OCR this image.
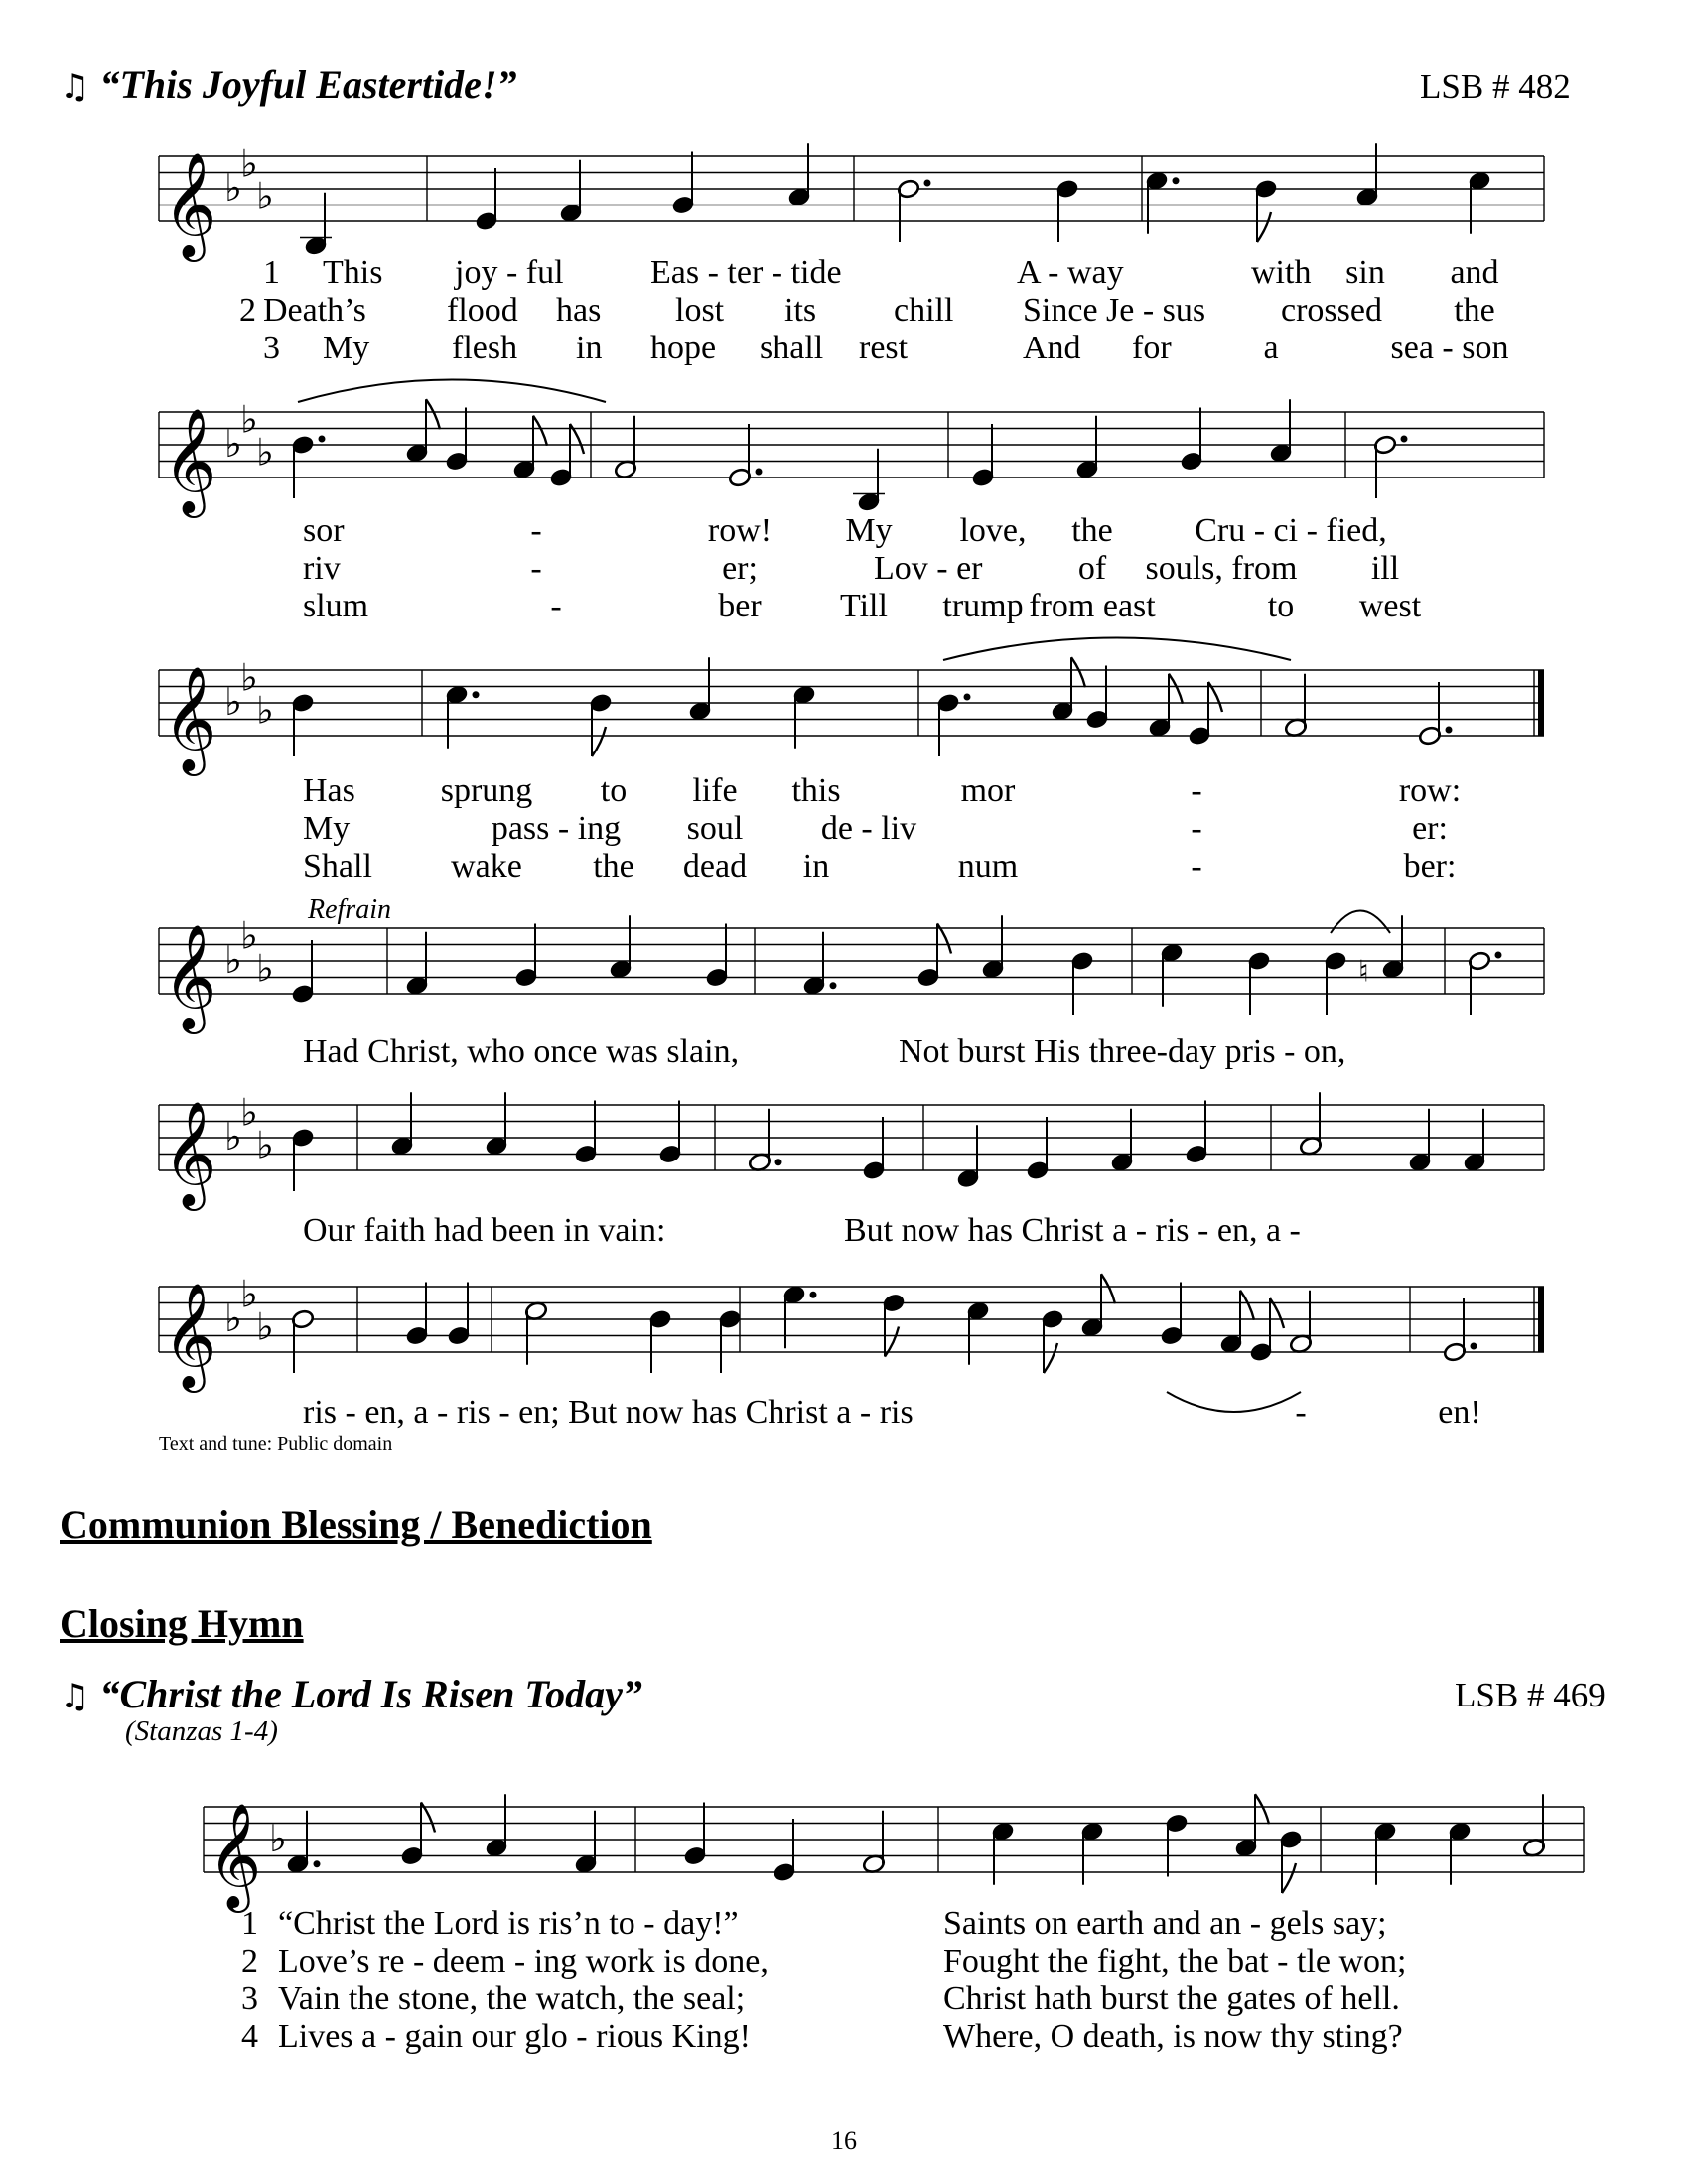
♫ “This Joyful Eastertide!”	LSB # 482
𝄞 ♭
♭
♭
𝄞 ♭
♭
♭
𝄞 ♭
♭
♭
𝄞 ♭
♭
♭
𝄞 ♭
♭
♭
𝄞 ♭
♭
♭
♮
𝄞 ♭
Refrain
1 This joy - ful	Eas - ter - tide	A - way	with sin and
2 Death’s flood has lost its chill Since Je - sus crossed the
3 My flesh in hope shall rest	And for	a	sea - son
sor	-	row! My love, the Cru - ci - fied,
riv	-	er;	Lov - er	of souls, from ill
slum	-	ber Till trump from east	to west
Has	sprung to life this	mor	-	row:
My	pass - ing soul de - liv	-	er:
Shall wake the dead in	num	-	ber:
Had Christ, who once was slain,	Not burst His three-day pris - on,
Our faith had been in vain:	But now has Christ a - ris - en, a -
ris - en, a - ris - en; But now has Christ a - ris	-	en!
1 “Christ the Lord is ris’n to - day!”	Saints on earth and an - gels say;
2 Love’s re - deem - ing work is done,	Fought the fight, the bat - tle won;
3 Vain the stone, the watch, the seal;	Christ hath burst the gates of hell.
4 Lives a - gain our glo - rious King!	Where, O death, is now thy sting?
Text and tune: Public domain
Communion Blessing / Benediction
Closing Hymn
♫ “Christ the Lord Is Risen Today”	LSB # 469
(Stanzas 1-4)
16
